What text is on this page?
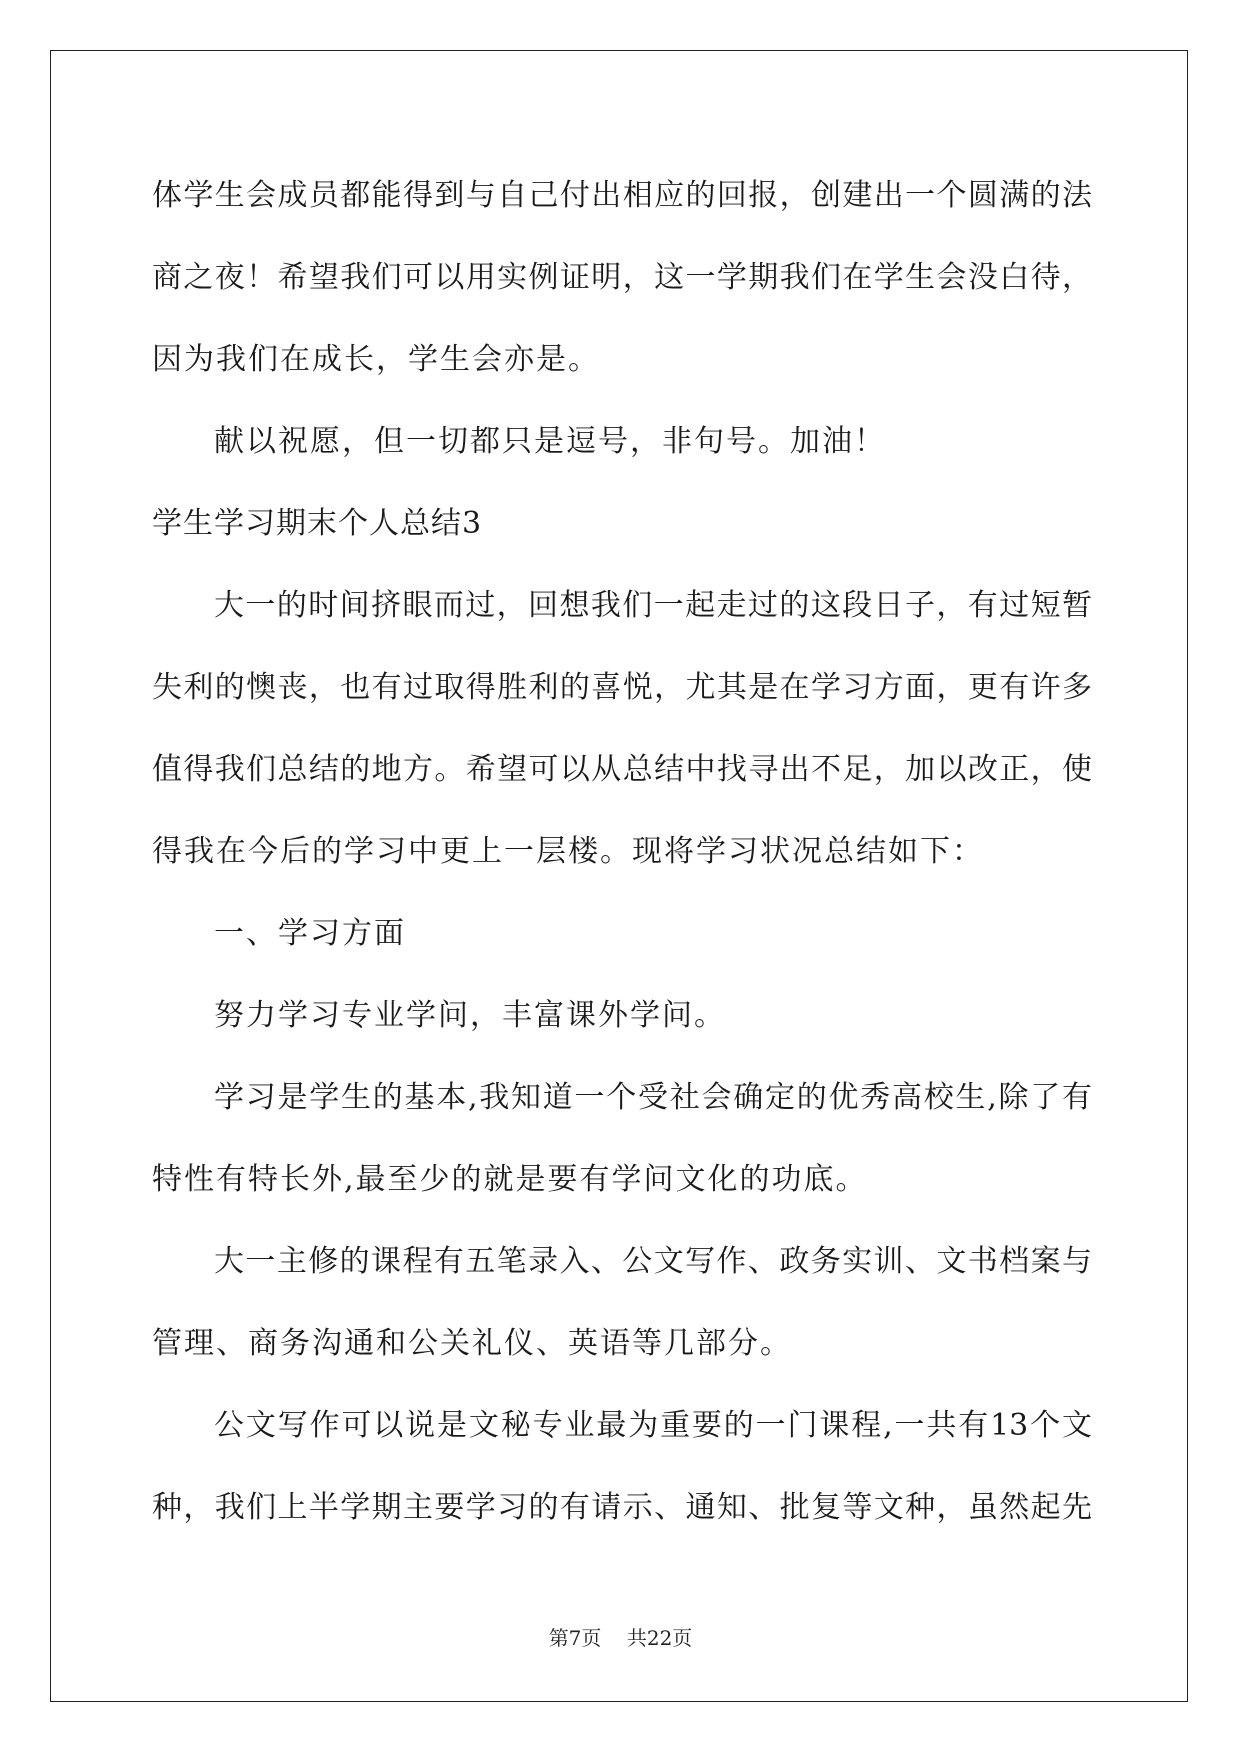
体学生会成员都能得到与自己付出相应的回报，创建出一个圆满的法
商之夜！希望我们可以用实例证明，这一学期我们在学生会没白待，
因为我们在成长，学生会亦是。
献以祝愿，但一切都只是逗号，非句号。加油！
学生学习期末个人总结3
大一的时间挤眼而过，回想我们一起走过的这段日子，有过短暂
失利的懊丧，也有过取得胜利的喜悦，尤其是在学习方面，更有许多
值得我们总结的地方。希望可以从总结中找寻出不足，加以改正，使
得我在今后的学习中更上一层楼。现将学习状况总结如下：
一、学习方面
努力学习专业学问，丰富课外学问。
学习是学生的基本,我知道一个受社会确定的优秀高校生,除了有
特性有特长外,最至少的就是要有学问文化的功底。
大一主修的课程有五笔录入、公文写作、政务实训、文书档案与
管理、商务沟通和公关礼仪、英语等几部分。
公文写作可以说是文秘专业最为重要的一门课程,一共有13个文
种，我们上半学期主要学习的有请示、通知、批复等文种，虽然起先
第7页 共22页
